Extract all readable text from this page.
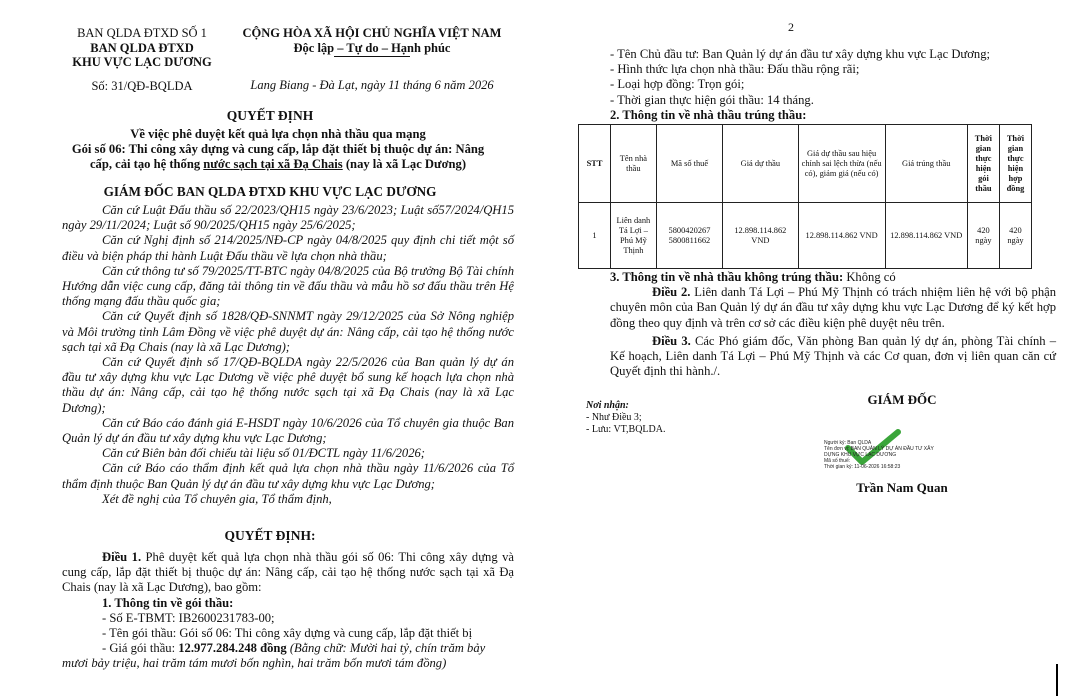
BAN QLDA ĐTXD SỐ 1
BAN QLDA ĐTXD
KHU VỰC LẠC DƯƠNG
Số: 31/QĐ-BQLDA
CỘNG HÒA XÃ HỘI CHỦ NGHĨA VIỆT NAM
Độc lập – Tự do – Hạnh phúc
Lang Biang - Đà Lạt, ngày 11 tháng 6 năm 2026
QUYẾT ĐỊNH
Về việc phê duyệt kết quả lựa chọn nhà thầu qua mạng
Gói số 06: Thi công xây dựng và cung cấp, lắp đặt thiết bị thuộc dự án: Nâng
cấp, cải tạo hệ thống nước sạch tại xã Đạ Chais (nay là xã Lạc Dương)
GIÁM ĐỐC BAN QLDA ĐTXD KHU VỰC LẠC DƯƠNG

Căn cứ Luật Đấu thầu số 22/2023/QH15 ngày 23/6/2023; Luật số57/2024/QH15 ngày 29/11/2024; Luật số 90/2025/QH15 ngày 25/6/2025;

Căn cứ Nghị định số 214/2025/NĐ-CP ngày 04/8/2025 quy định chi tiết một số điều và biện pháp thi hành Luật Đấu thầu về lựa chọn nhà thầu;

Căn cứ thông tư số 79/2025/TT-BTC ngày 04/8/2025 của Bộ trưởng Bộ Tài chính Hướng dẫn việc cung cấp, đăng tải thông tin về đấu thầu và mẫu hồ sơ đấu thầu trên Hệ thống mạng đấu thầu quốc gia;

Căn cứ Quyết định số 1828/QĐ-SNNMT ngày 29/12/2025 của Sở Nông nghiệp và Môi trường tỉnh Lâm Đồng về việc phê duyệt dự án: Nâng cấp, cải tạo hệ thống nước sạch tại xã Đạ Chais (nay là xã Lạc Dương);

Căn cứ Quyết định số 17/QĐ-BQLDA ngày 22/5/2026 của Ban quản lý dự án đầu tư xây dựng khu vực Lạc Dương về việc phê duyệt bổ sung kế hoạch lựa chọn nhà thầu dự án: Nâng cấp, cải tạo hệ thống nước sạch tại xã Đạ Chais (nay là xã Lạc Dương);

Căn cứ Báo cáo đánh giá E-HSDT ngày 10/6/2026 của Tổ chuyên gia thuộc Ban Quản lý dự án đầu tư xây dựng khu vực Lạc Dương;

Căn cứ Biên bản đối chiếu tài liệu số 01/ĐCTL ngày 11/6/2026;

Căn cứ Báo cáo thẩm định kết quả lựa chọn nhà thầu ngày 11/6/2026 của Tổ thẩm định thuộc Ban Quản lý dự án đầu tư xây dựng khu vực Lạc Dương;

Xét đề nghị của Tổ chuyên gia, Tổ thẩm định,

QUYẾT ĐỊNH:

Điều 1. Phê duyệt kết quả lựa chọn nhà thầu gói số 06: Thi công xây dựng và cung cấp, lắp đặt thiết bị thuộc dự án: Nâng cấp, cải tạo hệ thống nước sạch tại xã Đạ Chais (nay là xã Lạc Dương), bao gồm:

1. Thông tin về gói thầu:
- Số E-TBMT: IB2600231783-00;
- Tên gói thầu: Gói số 06: Thi công xây dựng và cung cấp, lắp đặt thiết bị
- Giá gói thầu: 12.977.284.248 đồng (Bằng chữ: Mười hai tỷ, chín trăm bảy
mươi bảy triệu, hai trăm tám mươi bốn nghìn, hai trăm bốn mươi tám đồng)
2
- Tên Chủ đầu tư: Ban Quản lý dự án đầu tư xây dựng khu vực Lạc Dương;
- Hình thức lựa chọn nhà thầu: Đấu thầu rộng rãi;
- Loại hợp đồng: Trọn gói;
- Thời gian thực hiện gói thầu: 14 tháng.
2. Thông tin về nhà thầu trúng thầu:
STT	Tên nhà thầu	Mã số thuế	Giá dự thầu	Giá dự thầu sau hiệu chỉnh sai lệch thừa (nếu có), giảm giá (nếu có)	Giá trúng thầu	Thời gian thực hiện gói thầu	Thời gian thực hiện hợp đồng
1	Liên danh Tá Lợi – Phú Mỹ Thịnh	5800420267
5800811662	12.898.114.862 VND	12.898.114.862 VND	12.898.114.862 VND	420 ngày	420 ngày
3. Thông tin về nhà thầu không trúng thầu: Không có

Điều 2. Liên danh Tá Lợi – Phú Mỹ Thịnh có trách nhiệm liên hệ với bộ phận chuyên môn của Ban Quản lý dự án đầu tư xây dựng khu vực Lạc Dương để ký kết hợp đồng theo quy định và trên cơ sở các điều kiện phê duyệt nêu trên.

Điều 3. Các Phó giám đốc, Văn phòng Ban quản lý dự án, phòng Tài chính – Kế hoạch, Liên danh Tá Lợi – Phú Mỹ Thịnh và các Cơ quan, đơn vị liên quan căn cứ Quyết định thi hành./.

Nơi nhận:
- Như Điều 3;
- Lưu: VT,BQLDA.
GIÁM ĐỐC
Người ký: Ban QLDA
Tên đơn vị: BAN QUẢN LÝ DỰ ÁN ĐẦU TƯ XÂY
DỰNG KHU VỰC LẠC DƯƠNG
Mã số thuế:
Thời gian ký: 11-06-2026 16:58:23
Trần Nam Quan
